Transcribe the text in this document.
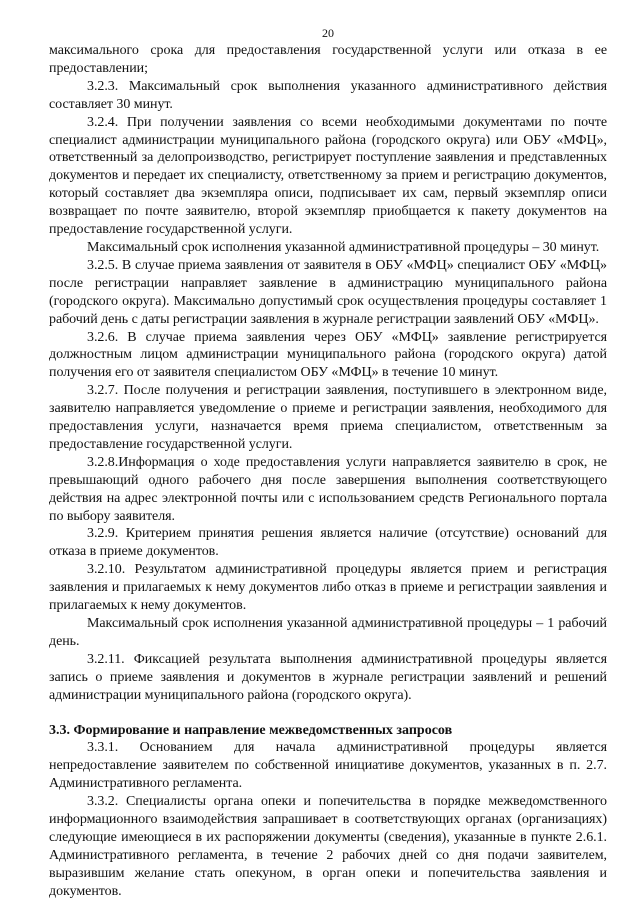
20

максимального срока для предоставления государственной услуги или отказа в ее предоставлении;

3.2.3. Максимальный срок выполнения указанного административного действия составляет 30 минут.

3.2.4. При получении заявления со всеми необходимыми документами по почте специалист администрации муниципального района (городского округа) или ОБУ «МФЦ», ответственный за делопроизводство, регистрирует поступление заявления и представленных документов и передает их специалисту, ответственному за прием и регистрацию документов, который составляет два экземпляра описи, подписывает их сам, первый экземпляр описи возвращает по почте заявителю, второй экземпляр приобщается к пакету документов на предоставление государственной услуги.

Максимальный срок исполнения указанной административной процедуры – 30 минут.

3.2.5. В случае приема заявления от заявителя в ОБУ «МФЦ» специалист ОБУ «МФЦ» после регистрации направляет заявление в администрацию муниципального района (городского округа). Максимально допустимый срок осуществления процедуры составляет 1 рабочий день с даты регистрации заявления в журнале регистрации заявлений ОБУ «МФЦ».

3.2.6. В случае приема заявления через ОБУ «МФЦ» заявление регистрируется должностным лицом администрации муниципального района (городского округа) датой получения его от заявителя специалистом ОБУ «МФЦ» в течение 10 минут.

3.2.7. После получения и регистрации заявления, поступившего в электронном виде, заявителю направляется уведомление о приеме и регистрации заявления, необходимого для предоставления услуги, назначается время приема специалистом, ответственным за предоставление государственной услуги.

3.2.8.Информация о ходе предоставления услуги направляется заявителю в срок, не превышающий одного рабочего дня после завершения выполнения соответствующего действия на адрес электронной почты или с использованием средств Регионального портала по выбору заявителя.

3.2.9. Критерием принятия решения является наличие (отсутствие) оснований для отказа в приеме документов.

3.2.10. Результатом административной процедуры является прием и регистрация заявления и прилагаемых к нему документов либо отказ в приеме и регистрации заявления и прилагаемых к нему документов.

Максимальный срок исполнения указанной административной процедуры – 1 рабочий день.

3.2.11. Фиксацией результата выполнения административной процедуры является запись о приеме заявления и документов в журнале регистрации заявлений и решений администрации муниципального района (городского округа).

3.3. Формирование и направление межведомственных запросов

3.3.1. Основанием для начала административной процедуры является непредоставление заявителем по собственной инициативе документов, указанных в п. 2.7. Административного регламента.

3.3.2. Специалисты органа опеки и попечительства в порядке межведомственного информационного взаимодействия запрашивает в соответствующих органах (организациях) следующие имеющиеся в их распоряжении документы (сведения), указанные в пункте 2.6.1. Административного регламента, в течение 2 рабочих дней со дня подачи заявителем, выразившим желание стать опекуном, в орган опеки и попечительства заявления и документов.
